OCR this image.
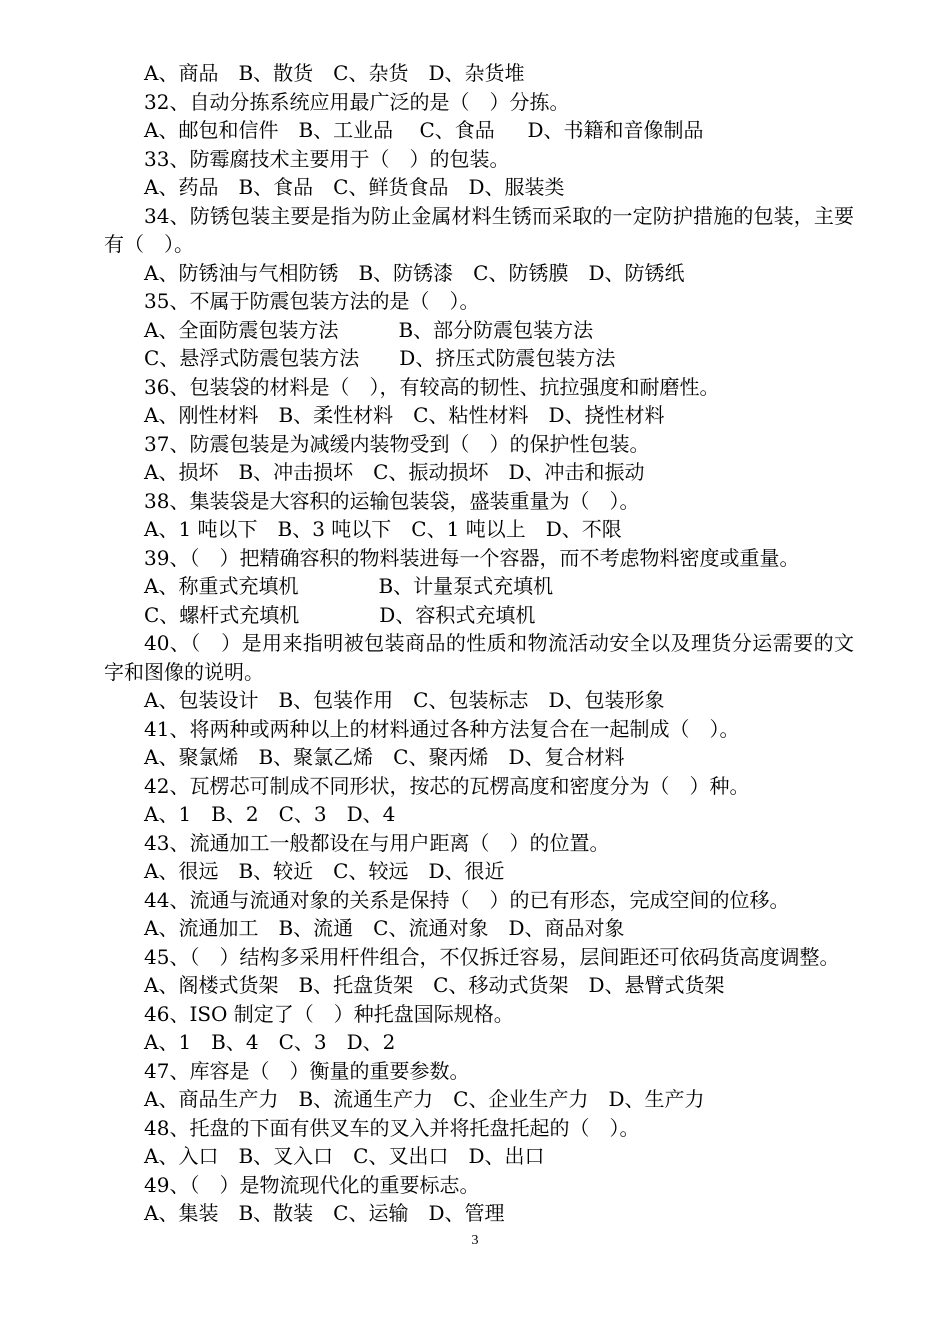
A、商品　B、散货　C、杂货　D、杂货堆
32、自动分拣系统应用最广泛的是（　）分拣。
A、邮包和信件　B、工业品　 C、食品　  D、书籍和音像制品
33、防霉腐技术主要用于（　）的包装。
A、药品　B、食品　C、鲜货食品　D、服装类
34、防锈包装主要是指为防止金属材料生锈而采取的一定防护措施的包装，主要有（　）。
A、防锈油与气相防锈　B、防锈漆　C、防锈膜　D、防锈纸
35、不属于防震包装方法的是（　）。
A、全面防震包装方法　　　B、部分防震包装方法
C、悬浮式防震包装方法　　D、挤压式防震包装方法
36、包装袋的材料是（　），有较高的韧性、抗拉强度和耐磨性。
A、刚性材料　B、柔性材料　C、粘性材料　D、挠性材料
37、防震包装是为减缓内装物受到（　）的保护性包装。
A、损坏　B、冲击损坏　C、振动损坏　D、冲击和振动
38、集装袋是大容积的运输包装袋，盛装重量为（　）。
A、1 吨以下　B、3 吨以下　C、1 吨以上　D、不限
39、（　）把精确容积的物料装进每一个容器，而不考虑物料密度或重量。
A、称重式充填机　　　　B、计量泵式充填机
C、螺杆式充填机　　　　D、容积式充填机
40、（　）是用来指明被包装商品的性质和物流活动安全以及理货分运需要的文字和图像的说明。
A、包装设计　B、包装作用　C、包装标志　D、包装形象
41、将两种或两种以上的材料通过各种方法复合在一起制成（　）。
A、聚氯烯　B、聚氯乙烯　C、聚丙烯　D、复合材料
42、瓦楞芯可制成不同形状，按芯的瓦楞高度和密度分为（　）种。
A、1　B、2　C、3　D、4
43、流通加工一般都设在与用户距离（　）的位置。
A、很远　B、较近　C、较远　D、很近
44、流通与流通对象的关系是保持（　）的已有形态，完成空间的位移。
A、流通加工　B、流通　C、流通对象　D、商品对象
45、（　）结构多采用杆件组合，不仅拆迁容易，层间距还可依码货高度调整。
A、阁楼式货架　B、托盘货架　C、移动式货架　D、悬臂式货架
46、ISO 制定了（　）种托盘国际规格。
A、1　B、4　C、3　D、2
47、库容是（　）衡量的重要参数。
A、商品生产力　B、流通生产力　C、企业生产力　D、生产力
48、托盘的下面有供叉车的叉入并将托盘托起的（　）。
A、入口　B、叉入口　C、叉出口　D、出口
49、（　）是物流现代化的重要标志。
A、集装　B、散装　C、运输　D、管理
3
